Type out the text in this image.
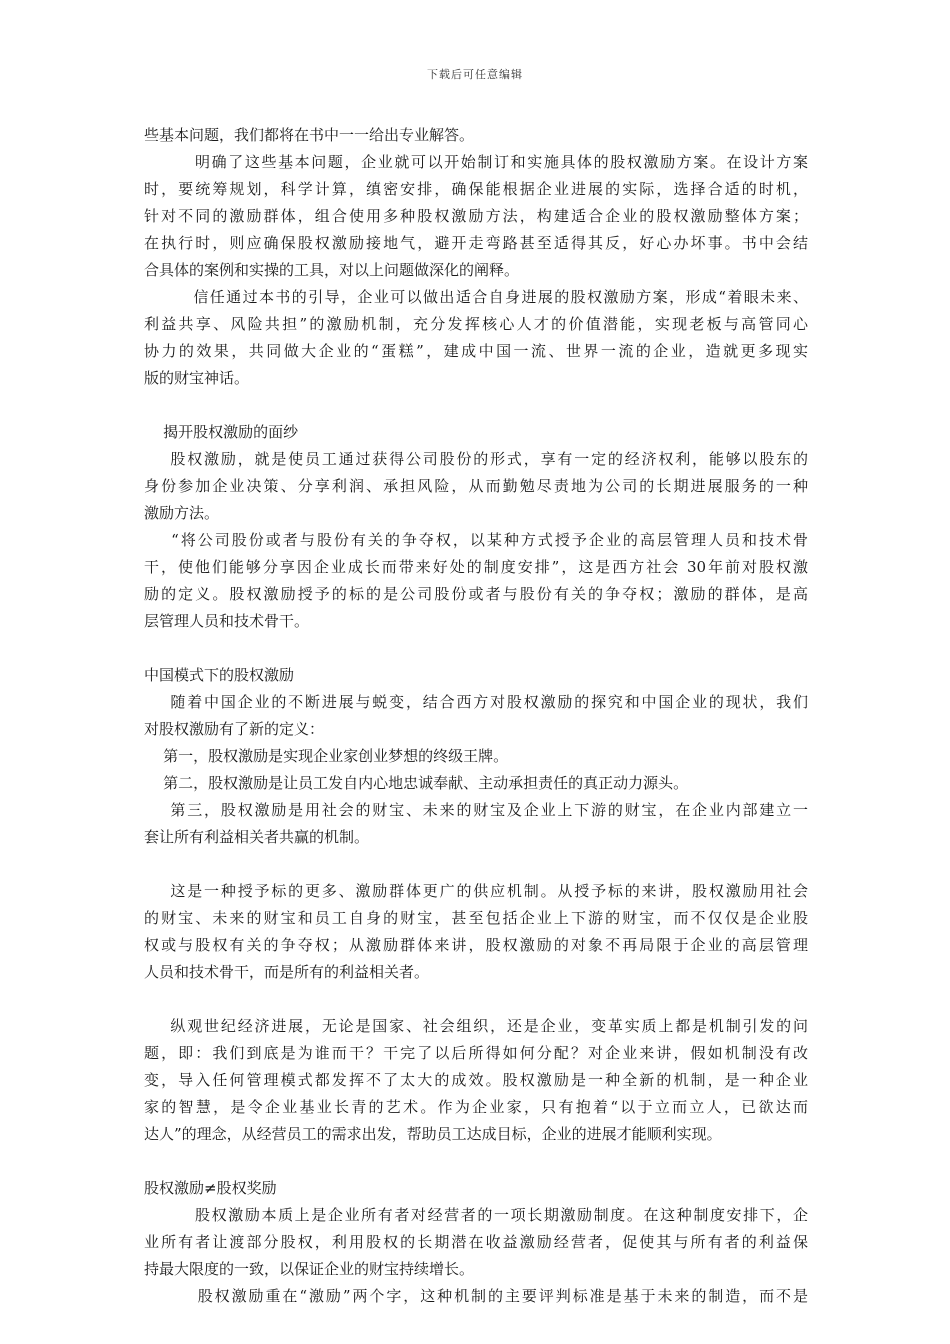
下载后可任意编辑
些基本问题，我们都将在书中一一给出专业解答。
明确了这些基本问题，企业就可以开始制订和实施具体的股权激励方案。在设计方案
时，要统筹规划，科学计算，缜密安排，确保能根据企业进展的实际，选择合适的时机，
针对不同的激励群体，组合使用多种股权激励方法，构建适合企业的股权激励整体方案；
在执行时，则应确保股权激励接地气，避开走弯路甚至适得其反，好心办坏事。书中会结
合具体的案例和实操的工具，对以上问题做深化的阐释。
信任通过本书的引导，企业可以做出适合自身进展的股权激励方案，形成“着眼未来、
利益共享、风险共担”的激励机制，充分发挥核心人才的价值潜能，实现老板与高管同心
协力的效果，共同做大企业的“蛋糕”，建成中国一流、世界一流的企业，造就更多现实
版的财宝神话。
揭开股权激励的面纱
股权激励，就是使员工通过获得公司股份的形式，享有一定的经济权利，能够以股东的
身份参加企业决策、分享利润、承担风险，从而勤勉尽责地为公司的长期进展服务的一种
激励方法。
“将公司股份或者与股份有关的争夺权，以某种方式授予企业的高层管理人员和技术骨
干，使他们能够分享因企业成长而带来好处的制度安排”，这是西方社会 30年前对股权激
励的定义。股权激励授予的标的是公司股份或者与股份有关的争夺权；激励的群体，是高
层管理人员和技术骨干。
中国模式下的股权激励
随着中国企业的不断进展与蜕变，结合西方对股权激励的探究和中国企业的现状，我们
对股权激励有了新的定义：
第一，股权激励是实现企业家创业梦想的终级王牌。
第二，股权激励是让员工发自内心地忠诚奉献、主动承担责任的真正动力源头。
第三，股权激励是用社会的财宝、未来的财宝及企业上下游的财宝，在企业内部建立一
套让所有利益相关者共赢的机制。
这是一种授予标的更多、激励群体更广的供应机制。从授予标的来讲，股权激励用社会
的财宝、未来的财宝和员工自身的财宝，甚至包括企业上下游的财宝，而不仅仅是企业股
权或与股权有关的争夺权；从激励群体来讲，股权激励的对象不再局限于企业的高层管理
人员和技术骨干，而是所有的利益相关者。
纵观世纪经济进展，无论是国家、社会组织，还是企业，变革实质上都是机制引发的问
题，即：我们到底是为谁而干？干完了以后所得如何分配？对企业来讲，假如机制没有改
变，导入任何管理模式都发挥不了太大的成效。股权激励是一种全新的机制，是一种企业
家的智慧，是令企业基业长青的艺术。作为企业家，只有抱着“以于立而立人，已欲达而
达人”的理念，从经营员工的需求出发，帮助员工达成目标，企业的进展才能顺利实现。
股权激励≠股权奖励
股权激励本质上是企业所有者对经营者的一项长期激励制度。在这种制度安排下，企
业所有者让渡部分股权，利用股权的长期潜在收益激励经营者，促使其与所有者的利益保
持最大限度的一致，以保证企业的财宝持续增长。
股权激励重在“激励”两个字，这种机制的主要评判标准是基于未来的制造，而不是
